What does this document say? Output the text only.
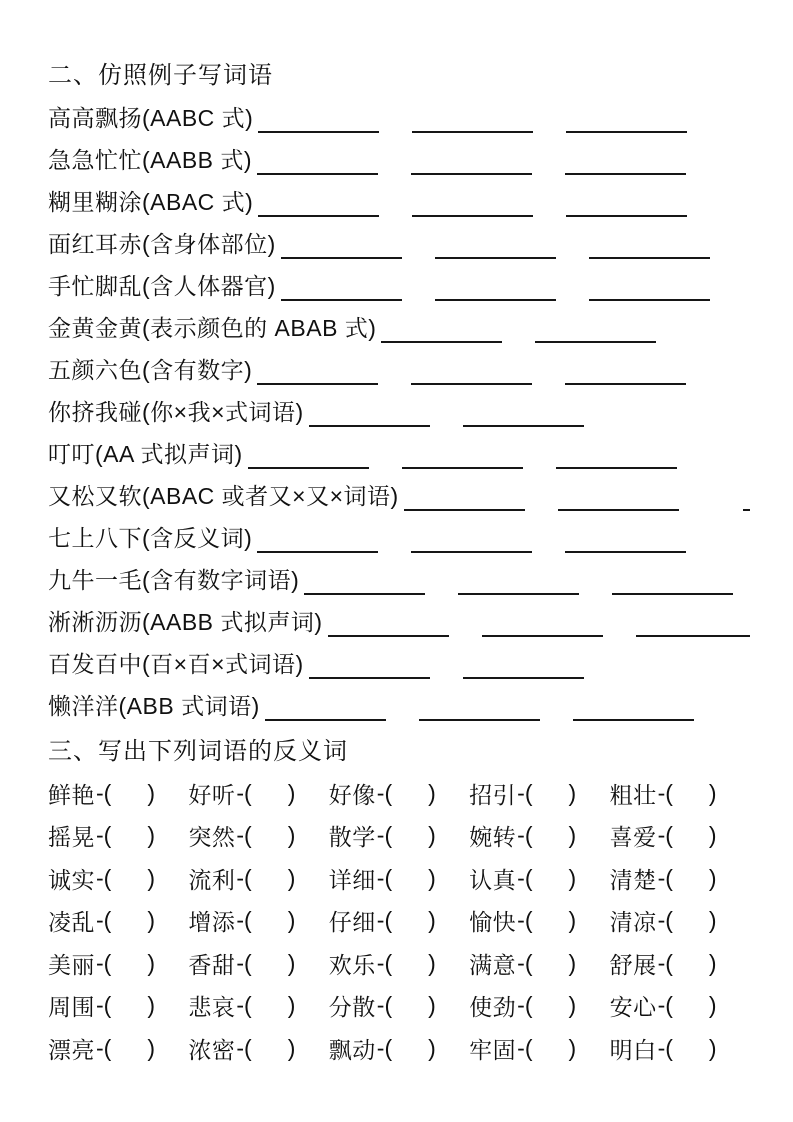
二、仿照例子写词语
高高飘扬(AABC 式)
急急忙忙(AABB 式)
糊里糊涂(ABAC 式)
面红耳赤(含身体部位)
手忙脚乱(含人体器官)
金黄金黄(表示颜色的 ABAB 式)
五颜六色(含有数字)
你挤我碰(你×我×式词语)
叮叮(AA 式拟声词)
又松又软(ABAC 或者又×又×词语)
七上八下(含反义词)
九牛一毛(含有数字词语)
淅淅沥沥(AABB 式拟声词)
百发百中(百×百×式词语)
懒洋洋(ABB 式词语)
三、写出下列词语的反义词
鲜艳 -( ) 好听 -( ) 好像 -( ) 招引 -( ) 粗壮 -( )
摇晃 -( ) 突然 -( ) 散学 -( ) 婉转 -( ) 喜爱 -( )
诚实 -( ) 流利 -( ) 详细 -( ) 认真 -( ) 清楚 -( )
凌乱 -( ) 增添 -( ) 仔细 -( ) 愉快 -( ) 清凉 -( )
美丽 -( ) 香甜 -( ) 欢乐 -( ) 满意 -( ) 舒展 -( )
周围 -( ) 悲哀 -( ) 分散 -( ) 使劲 -( ) 安心 -( )
漂亮 -( ) 浓密 -( ) 飘动 -( ) 牢固 -( ) 明白 -( )
